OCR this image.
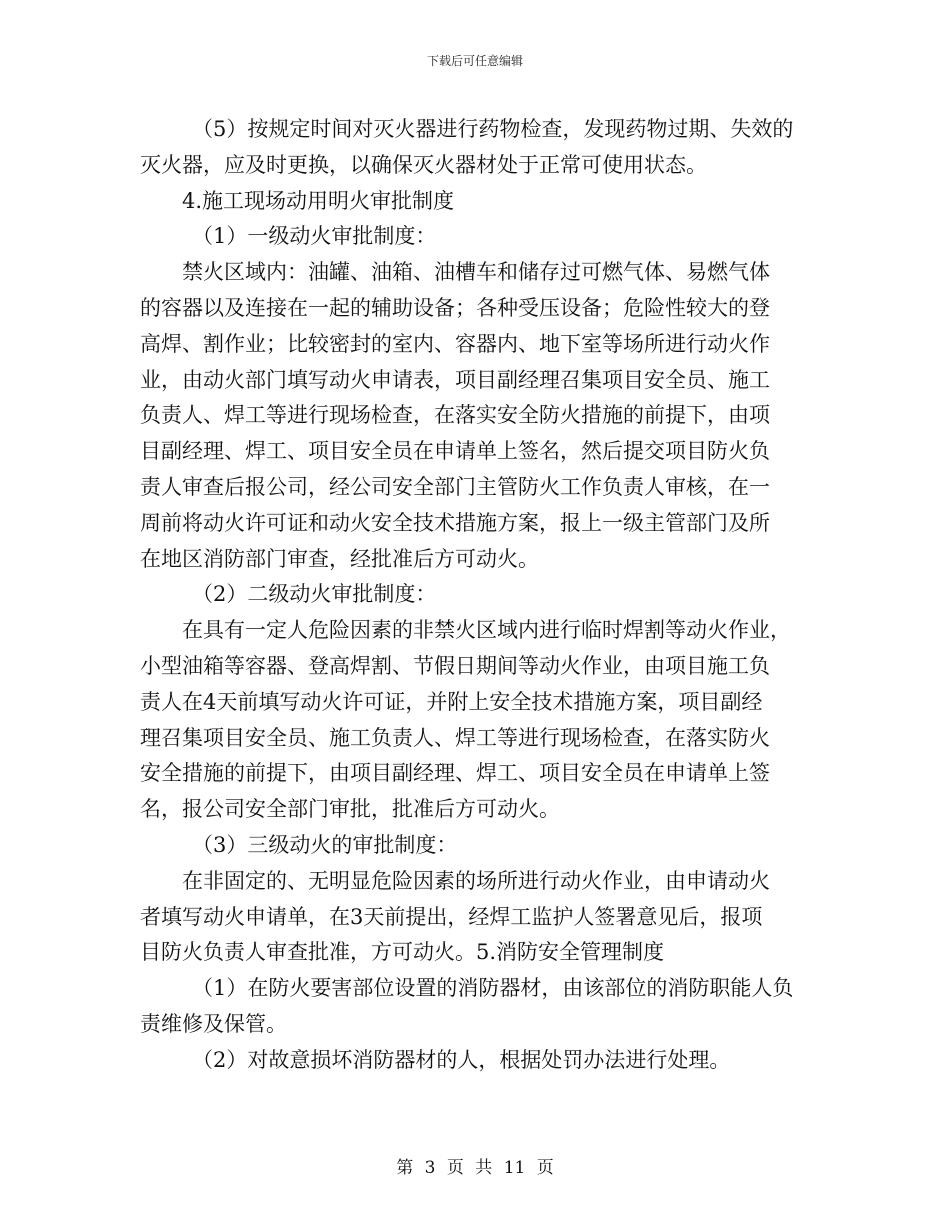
下载后可任意编辑
（5）按规定时间对灭火器进行药物检查，发现药物过期、失效的
灭火器，应及时更换，以确保灭火器材处于正常可使用状态。
4.施工现场动用明火审批制度
（1）一级动火审批制度：
禁火区域内：油罐、油箱、油槽车和储存过可燃气体、易燃气体
的容器以及连接在一起的辅助设备；各种受压设备；危险性较大的登
高焊、割作业；比较密封的室内、容器内、地下室等场所进行动火作
业，由动火部门填写动火申请表，项目副经理召集项目安全员、施工
负责人、焊工等进行现场检查，在落实安全防火措施的前提下，由项
目副经理、焊工、项目安全员在申请单上签名，然后提交项目防火负
责人审查后报公司，经公司安全部门主管防火工作负责人审核，在一
周前将动火许可证和动火安全技术措施方案，报上一级主管部门及所
在地区消防部门审查，经批准后方可动火。
（2）二级动火审批制度：
在具有一定人危险因素的非禁火区域内进行临时焊割等动火作业，
小型油箱等容器、登高焊割、节假日期间等动火作业，由项目施工负
责人在4天前填写动火许可证，并附上安全技术措施方案，项目副经
理召集项目安全员、施工负责人、焊工等进行现场检查，在落实防火
安全措施的前提下，由项目副经理、焊工、项目安全员在申请单上签
名，报公司安全部门审批，批准后方可动火。
（3）三级动火的审批制度：
在非固定的、无明显危险因素的场所进行动火作业，由申请动火
者填写动火申请单，在3天前提出，经焊工监护人签署意见后，报项
目防火负责人审查批准，方可动火。5.消防安全管理制度
（1）在防火要害部位设置的消防器材，由该部位的消防职能人负
责维修及保管。
（2）对故意损坏消防器材的人，根据处罚办法进行处理。
第 3 页 共 11 页
